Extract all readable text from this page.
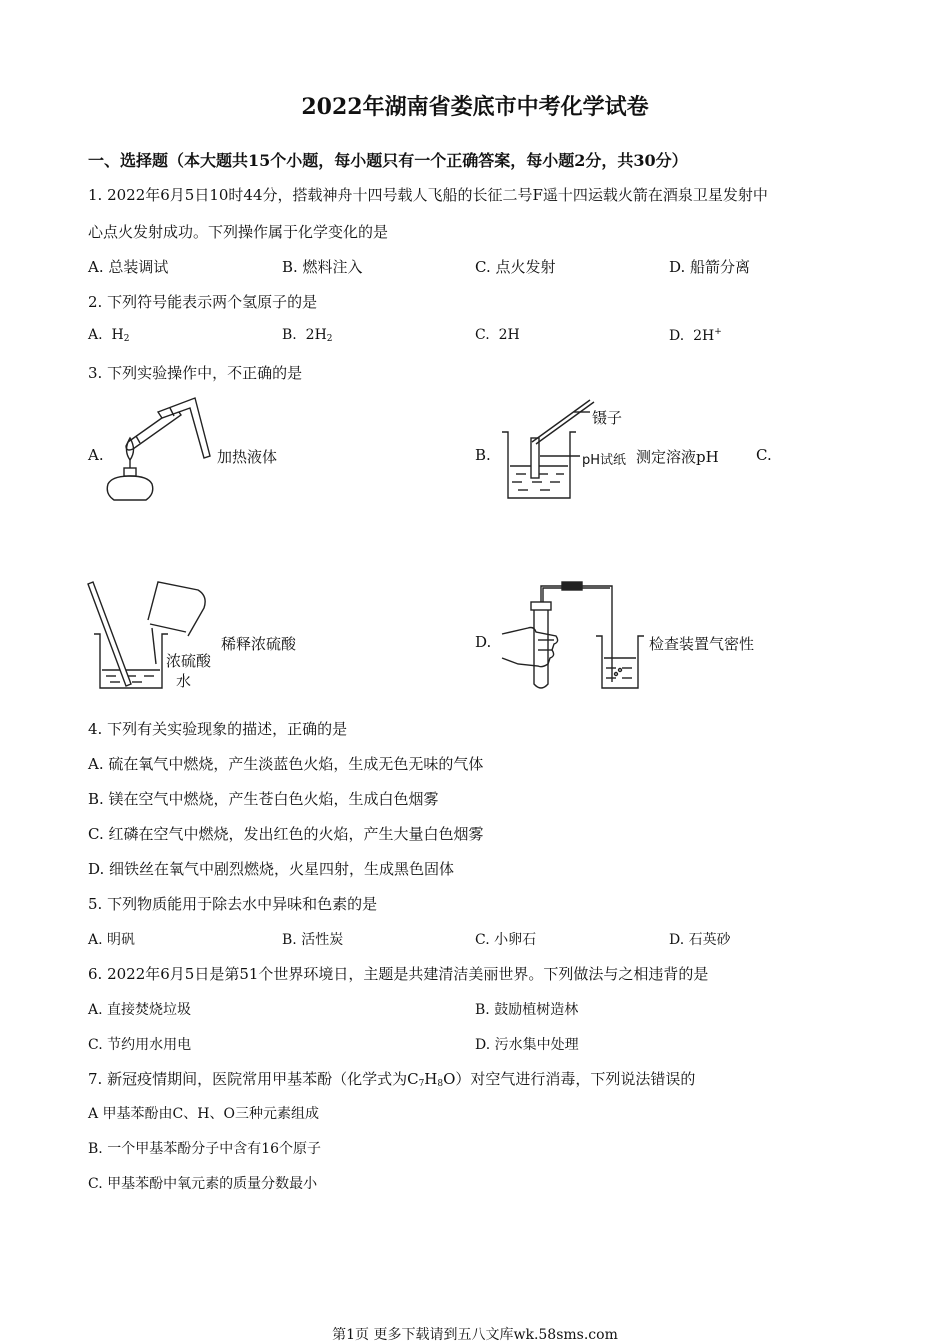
2022年湖南省娄底市中考化学试卷
一、选择题（本大题共15个小题，每小题只有一个正确答案，每小题2分，共30分）
1. 2022年6月5日10时44分，搭载神舟十四号载人飞船的长征二号F遥十四运载火箭在酒泉卫星发射中
心点火发射成功。下列操作属于化学变化的是
A. 总装调试	B. 燃料注入	C. 点火发射	D. 船箭分离
2. 下列符号能表示两个氢原子的是
A. $H_2$	B. $2H_2$	C. 2H	D. 2H+
3. 下列实验操作中，不正确的是
A.	加热液体	B.
镊子
pH试纸 测定溶液pH C.
浓硫酸
水
稀释浓硫酸	D.	检查装置气密性
4. 下列有关实验现象的描述，正确的是
A. 硫在氧气中燃烧，产生淡蓝色火焰，生成无色无味的气体
B. 镁在空气中燃烧，产生苍白色火焰，生成白色烟雾
C. 红磷在空气中燃烧，发出红色的火焰，产生大量白色烟雾
D. 细铁丝在氧气中剧烈燃烧，火星四射，生成黑色固体
5. 下列物质能用于除去水中异味和色素的是
A. 明矾	B. 活性炭	C. 小卵石	D. 石英砂
6. 2022年6月5日是第51个世界环境日，主题是共建清洁美丽世界。下列做法与之相违背的是
A. 直接焚烧垃圾	B. 鼓励植树造林
C. 节约用水用电	D. 污水集中处理
7. 新冠疫情期间，医院常用甲基苯酚（化学式为$C_7H_8O$）对空气进行消毒，下列说法错误的
A 甲基苯酚由C、H、O三种元素组成
B. 一个甲基苯酚分子中含有16个原子
C. 甲基苯酚中氧元素的质量分数最小
第1页 更多下载请到五八文库wk.58sms.com
